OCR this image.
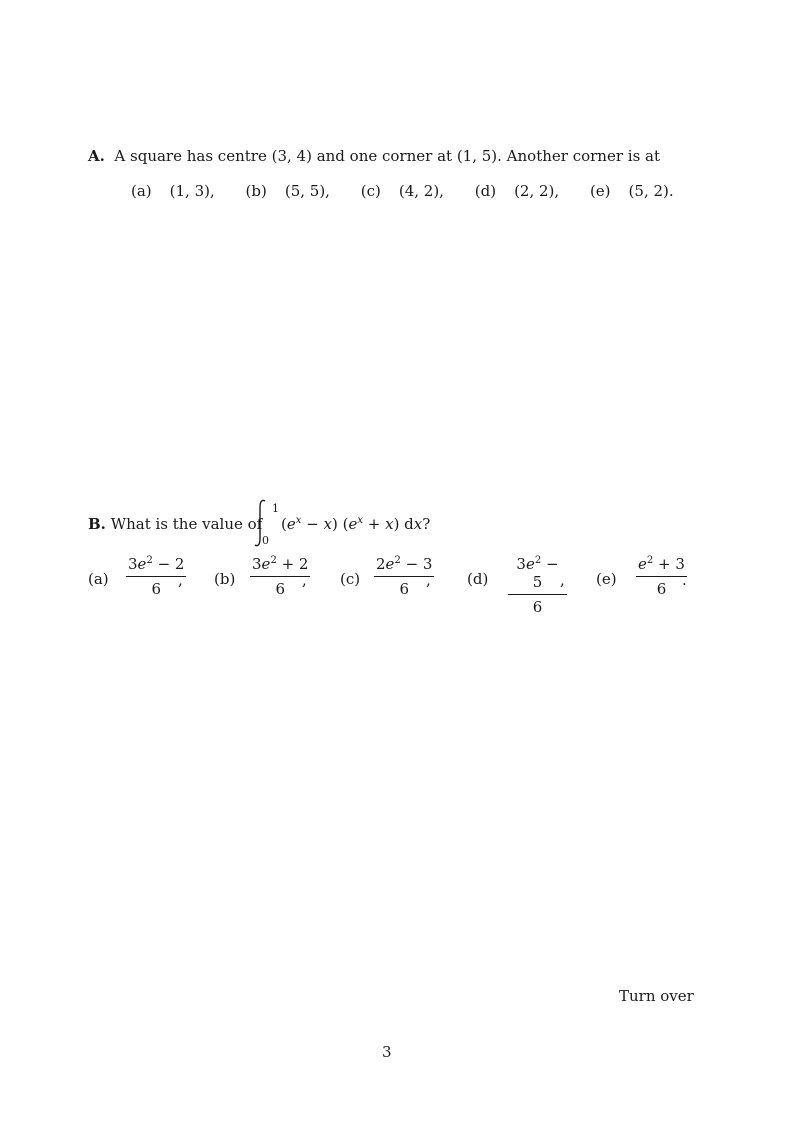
A. A square has centre (3, 4) and one corner at (1, 5). Another corner is at
(a) (1, 3), (b) (5, 5), (c) (4, 2), (d) (2, 2), (e) (5, 2).
B. What is the value of
1
0
$(e^x - x) (e^x + x)$ dx?
$(a) \frac{3e^2 - 2}{6}$
, $(b) \frac{3e^2 + 2}{6}$
, $(c) \frac{2e^2 - 3}{6}$
, $(d) \frac{3e^2 - 5}{6}$
, $(e) \frac{e^2 + 3}{6}$
.
Turn over
3
